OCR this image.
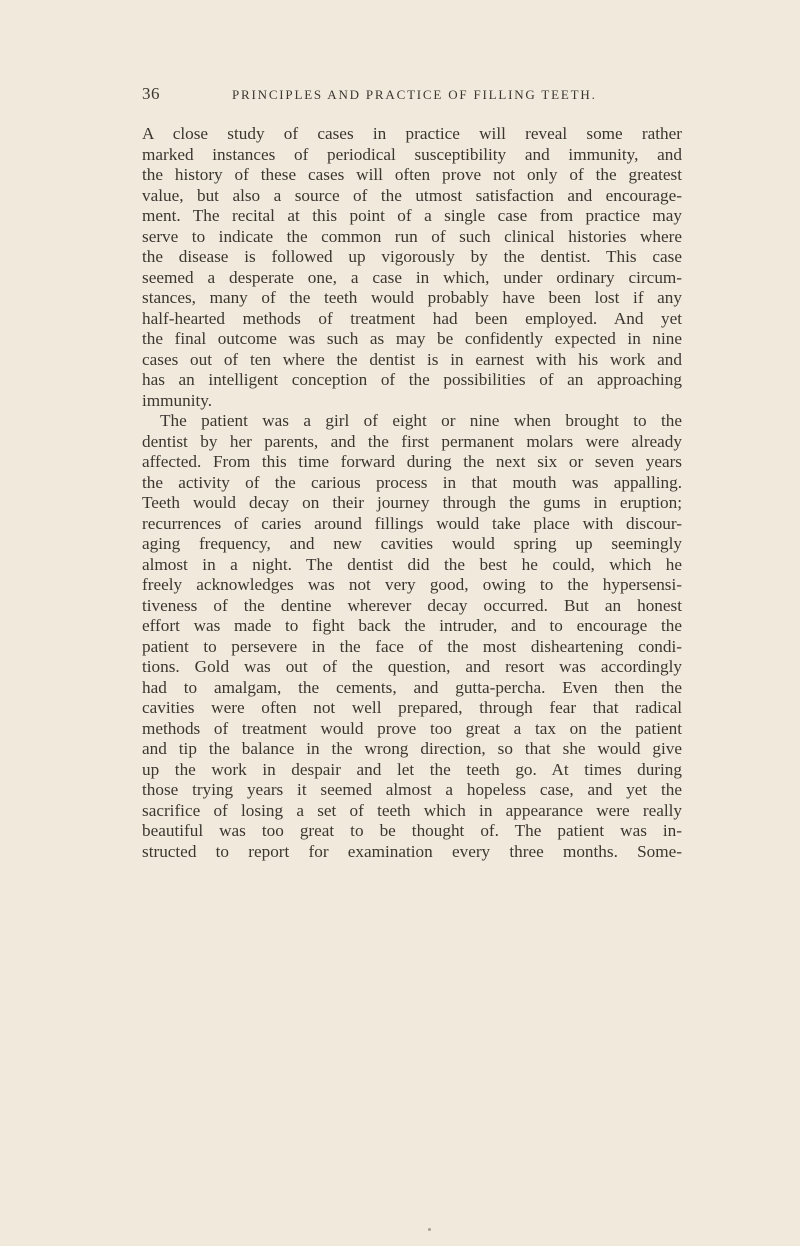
36	PRINCIPLES AND PRACTICE OF FILLING TEETH.
A close study of cases in practice will reveal some rather
marked instances of periodical susceptibility and immunity, and
the history of these cases will often prove not only of the greatest
value, but also a source of the utmost satisfaction and encourage-
ment. The recital at this point of a single case from practice may
serve to indicate the common run of such clinical histories where
the disease is followed up vigorously by the dentist. This case
seemed a desperate one, a case in which, under ordinary circum-
stances, many of the teeth would probably have been lost if any
half-hearted methods of treatment had been employed. And yet
the final outcome was such as may be confidently expected in nine
cases out of ten where the dentist is in earnest with his work and
has an intelligent conception of the possibilities of an approaching
immunity.
The patient was a girl of eight or nine when brought to the
dentist by her parents, and the first permanent molars were already
affected. From this time forward during the next six or seven years
the activity of the carious process in that mouth was appalling.
Teeth would decay on their journey through the gums in eruption;
recurrences of caries around fillings would take place with discour-
aging frequency, and new cavities would spring up seemingly
almost in a night. The dentist did the best he could, which he
freely acknowledges was not very good, owing to the hypersensi-
tiveness of the dentine wherever decay occurred. But an honest
effort was made to fight back the intruder, and to encourage the
patient to persevere in the face of the most disheartening condi-
tions. Gold was out of the question, and resort was accordingly
had to amalgam, the cements, and gutta-percha. Even then the
cavities were often not well prepared, through fear that radical
methods of treatment would prove too great a tax on the patient
and tip the balance in the wrong direction, so that she would give
up the work in despair and let the teeth go. At times during
those trying years it seemed almost a hopeless case, and yet the
sacrifice of losing a set of teeth which in appearance were really
beautiful was too great to be thought of. The patient was in-
structed to report for examination every three months. Some-
